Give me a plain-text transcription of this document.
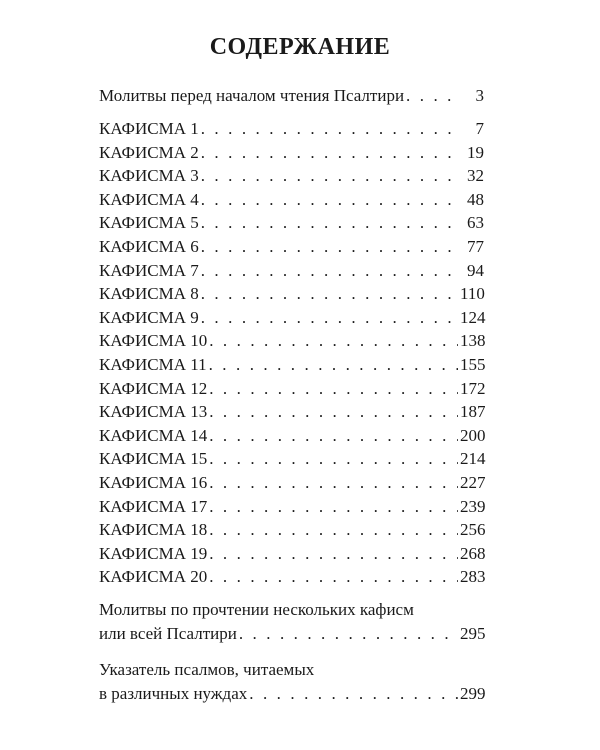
СОДЕРЖАНИЕ
Молитвы перед началом чтения Псалтири . . .	3
КАФИСМА 1 . . .	7
КАФИСМА 2 . . .	19
КАФИСМА 3 . . .	32
КАФИСМА 4 . . .	48
КАФИСМА 5 . . .	63
КАФИСМА 6 . . .	77
КАФИСМА 7 . . .	94
КАФИСМА 8 . . .	110
КАФИСМА 9 . . .	124
КАФИСМА 10 . . .	138
КАФИСМА 11 . . .	155
КАФИСМА 12 . . .	172
КАФИСМА 13 . . .	187
КАФИСМА 14 . . .	200
КАФИСМА 15 . . .	214
КАФИСМА 16 . . .	227
КАФИСМА 17 . . .	239
КАФИСМА 18 . . .	256
КАФИСМА 19 . . .	268
КАФИСМА 20 . . .	283
Молитвы по прочтении нескольких кафисм
или всей Псалтири . . .	295
Указатель псалмов, читаемых
в различных нуждах . . .	299
